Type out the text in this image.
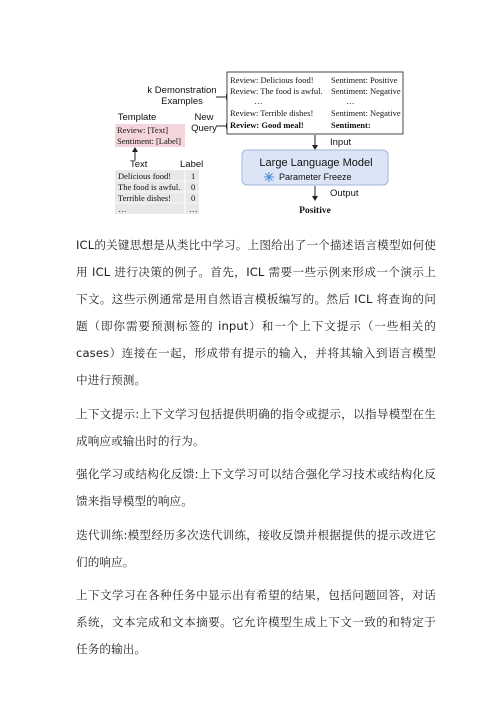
k Demonstration
Examples
Template
Review: [Text]
Sentiment: [Label]
New
Query
Text	Label
Delicious food! 1
The food is awful. 0
Terrible dishes! 0
…	…
Review: Delicious food! Sentiment: Positive
Review: The food is awful. Sentiment: Negative
…	…
Review: Terrible dishes! Sentiment: Negative
Review: Good meal!	Sentiment:
Input
Large Language Model
Parameter Freeze
Output
Positive

ICL的关键思想是从类比中学习。上图给出了一个描述语言模型如何使用 ICL 进行决策的例子。首先，ICL 需要一些示例来形成一个演示上下文。这些示例通常是用自然语言模板编写的。然后 ICL 将查询的问题（即你需要预测标签的 input）和一个上下文提示（一些相关的 cases）连接在一起，形成带有提示的输入，并将其输入到语言模型中进行预测。

上下文提示:上下文学习包括提供明确的指令或提示，以指导模型在生成响应或输出时的行为。

强化学习或结构化反馈:上下文学习可以结合强化学习技术或结构化反馈来指导模型的响应。

迭代训练:模型经历多次迭代训练，接收反馈并根据提供的提示改进它们的响应。

上下文学习在各种任务中显示出有希望的结果，包括问题回答，对话系统，文本完成和文本摘要。它允许模型生成上下文一致的和特定于任务的输出。
